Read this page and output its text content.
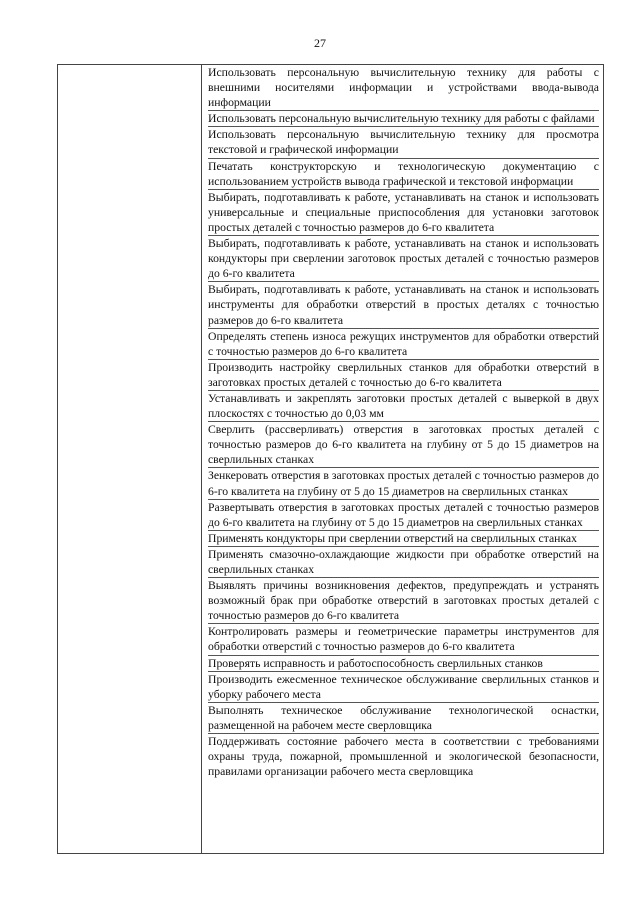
27

Использовать персональную вычислительную технику для работы с внешними носителями информации и устройствами ввода-вывода информации

Использовать персональную вычислительную технику для работы с файлами

Использовать персональную вычислительную технику для просмотра текстовой и графической информации

Печатать конструкторскую и технологическую документацию с использованием устройств вывода графической и текстовой информации

Выбирать, подготавливать к работе, устанавливать на станок и использовать универсальные и специальные приспособления для установки заготовок простых деталей с точностью размеров до 6-го квалитета

Выбирать, подготавливать к работе, устанавливать на станок и использовать кондукторы при сверлении заготовок простых деталей с точностью размеров до 6-го квалитета

Выбирать, подготавливать к работе, устанавливать на станок и использовать инструменты для обработки отверстий в простых деталях с точностью размеров до 6-го квалитета

Определять степень износа режущих инструментов для обработки отверстий с точностью размеров до 6-го квалитета

Производить настройку сверлильных станков для обработки отверстий в заготовках простых деталей с точностью до 6-го квалитета

Устанавливать и закреплять заготовки простых деталей с выверкой в двух плоскостях с точностью до 0,03 мм

Сверлить (рассверливать) отверстия в заготовках простых деталей с точностью размеров до 6-го квалитета на глубину от 5 до 15 диаметров на сверлильных станках

Зенкеровать отверстия в заготовках простых деталей с точностью размеров до 6-го квалитета на глубину от 5 до 15 диаметров на сверлильных станках

Развертывать отверстия в заготовках простых деталей с точностью размеров до 6-го квалитета на глубину от 5 до 15 диаметров на сверлильных станках

Применять кондукторы при сверлении отверстий на сверлильных станках

Применять смазочно-охлаждающие жидкости при обработке отверстий на сверлильных станках

Выявлять причины возникновения дефектов, предупреждать и устранять возможный брак при обработке отверстий в заготовках простых деталей с точностью размеров до 6-го квалитета

Контролировать размеры и геометрические параметры инструментов для обработки отверстий с точностью размеров до 6-го квалитета

Проверять исправность и работоспособность сверлильных станков

Производить ежесменное техническое обслуживание сверлильных станков и уборку рабочего места

Выполнять техническое обслуживание технологической оснастки, размещенной на рабочем месте сверловщика

Поддерживать состояние рабочего места в соответствии с требованиями охраны труда, пожарной, промышленной и экологической безопасности, правилами организации рабочего места сверловщика
